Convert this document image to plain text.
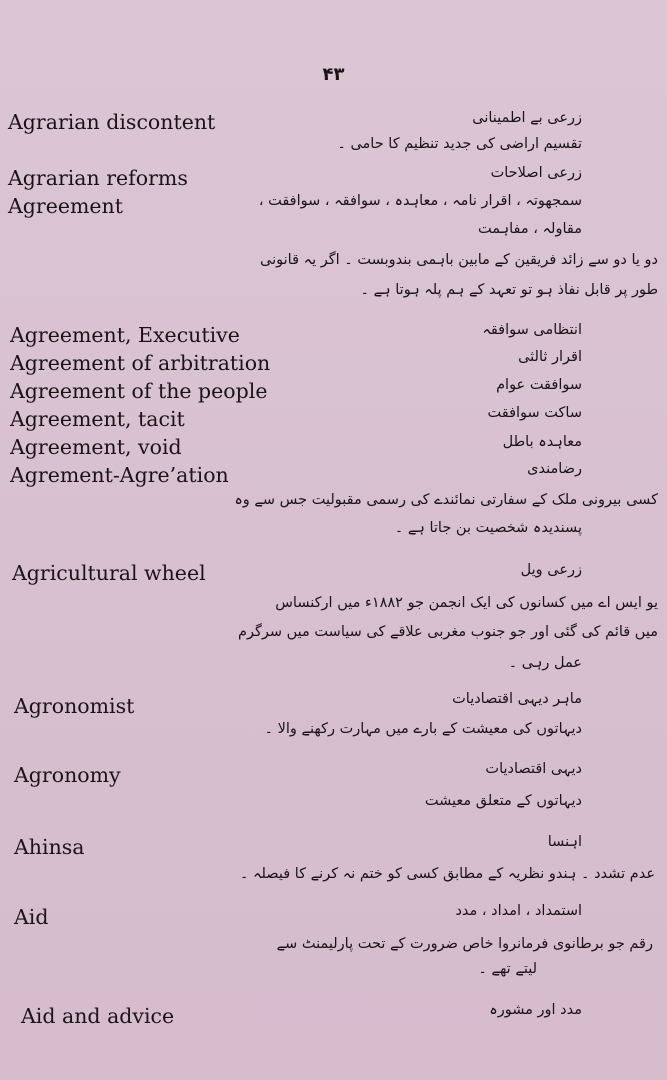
۴۳
Agrarian discontent	زرعی بے اطمینانی
تقسیم اراضی کی جدید تنظیم کا حامی ۔
Agrarian reforms	زرعی اصلاحات
Agreement	سمجھوتہ ، اقرار نامہ ، معاہدہ ، سوافقہ ، سوافقت ،
مقاولہ ، مفاہمت
دو یا دو سے زائد فریقین کے مابین باہمی بندوبست ۔ اگر یہ قانونی
طور پر قابل نفاذ ہو تو تعہد کے ہم پلہ ہوتا ہے ۔
Agreement, Executive	انتظامی سوافقہ
Agreement of arbitration	اقرار ثالثی
Agreement of the people	سوافقت عوام
Agreement, tacit	ساکت سوافقت
Agreement, void	معاہدہ باطل
Agrement-Agre’ation	رضامندی
کسی بیرونی ملک کے سفارتی نمائندے کی رسمی مقبولیت جس سے وہ
پسندیدہ شخصیت بن جاتا ہے ۔
Agricultural wheel	زرعی ویل
یو ایس اے میں کسانوں کی ایک انجمن جو ۱۸۸۲ء میں ارکنساس
میں قائم کی گئی اور جو جنوب مغربی علاقے کی سیاست میں سرگرم
عمل رہی ۔
Agronomist	ماہر دیہی اقتصادیات
دیہاتوں کی معیشت کے بارے میں مہارت رکھنے والا ۔
Agronomy	دیہی اقتصادیات
دیہاتوں کے متعلق معیشت
Ahinsa	اہنسا
عدم تشدد ۔ ہندو نظریہ کے مطابق کسی کو ختم نہ کرنے کا فیصلہ ۔
Aid	استمداد ، امداد ، مدد
رقم جو برطانوی فرمانروا خاص ضرورت کے تحت پارلیمنٹ سے
لیتے تھے ۔
Aid and advice	مدد اور مشورہ
